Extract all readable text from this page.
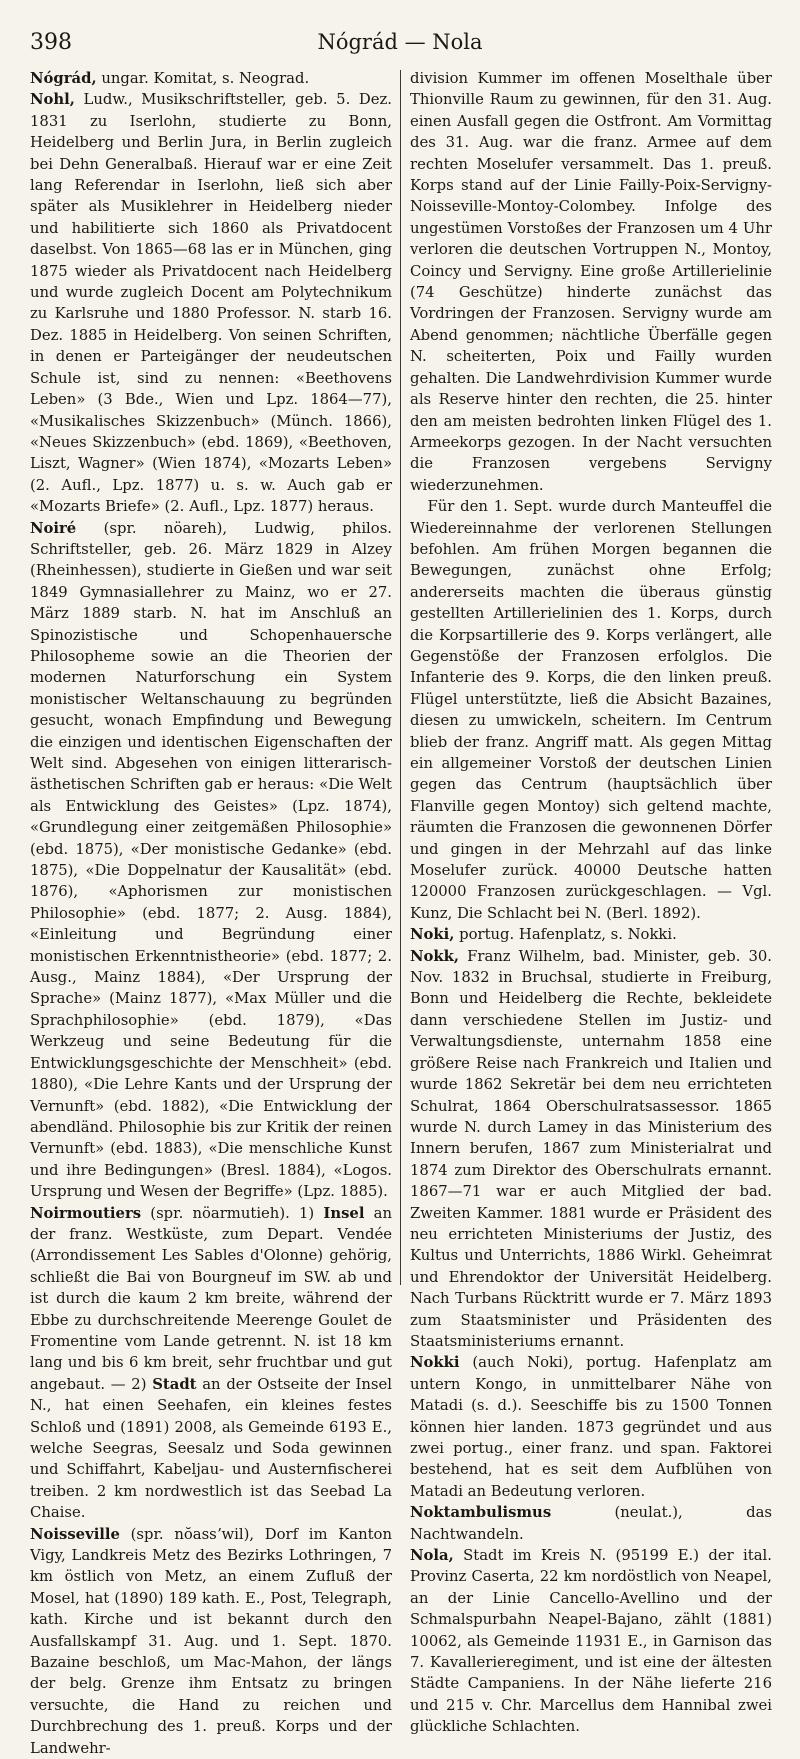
398	Nógrád — Nola

Nógrád, ungar. Komitat, s. Neograd.

Nohl, Ludw., Musikschriftsteller, geb. 5. Dez. 1831 zu Iserlohn, studierte zu Bonn, Heidelberg und Berlin Jura, in Berlin zugleich bei Dehn Generalbaß. Hierauf war er eine Zeit lang Referendar in Iserlohn, ließ sich aber später als Musiklehrer in Heidelberg nieder und habilitierte sich 1860 als Privatdocent daselbst. Von 1865—68 las er in München, ging 1875 wieder als Privatdocent nach Heidelberg und wurde zugleich Docent am Polytechnikum zu Karlsruhe und 1880 Professor. N. starb 16. Dez. 1885 in Heidelberg. Von seinen Schriften, in denen er Parteigänger der neudeutschen Schule ist, sind zu nennen: «Beethovens Leben» (3 Bde., Wien und Lpz. 1864—77), «Musikalisches Skizzenbuch» (Münch. 1866), «Neues Skizzenbuch» (ebd. 1869), «Beethoven, Liszt, Wagner» (Wien 1874), «Mozarts Leben» (2. Aufl., Lpz. 1877) u. s. w. Auch gab er «Mozarts Briefe» (2. Aufl., Lpz. 1877) heraus.

Noiré (spr. nöareh), Ludwig, philos. Schriftsteller, geb. 26. März 1829 in Alzey (Rheinhessen), studierte in Gießen und war seit 1849 Gymnasiallehrer zu Mainz, wo er 27. März 1889 starb. N. hat im Anschluß an Spinozistische und Schopenhauersche Philosopheme sowie an die Theorien der modernen Naturforschung ein System monistischer Weltanschauung zu begründen gesucht, wonach Empfindung und Bewegung die einzigen und identischen Eigenschaften der Welt sind. Abgesehen von einigen litterarisch-ästhetischen Schriften gab er heraus: «Die Welt als Entwicklung des Geistes» (Lpz. 1874), «Grundlegung einer zeitgemäßen Philosophie» (ebd. 1875), «Der monistische Gedanke» (ebd. 1875), «Die Doppelnatur der Kausalität» (ebd. 1876), «Aphorismen zur monistischen Philosophie» (ebd. 1877; 2. Ausg. 1884), «Einleitung und Begründung einer monistischen Erkenntnistheorie» (ebd. 1877; 2. Ausg., Mainz 1884), «Der Ursprung der Sprache» (Mainz 1877), «Max Müller und die Sprachphilosophie» (ebd. 1879), «Das Werkzeug und seine Bedeutung für die Entwicklungsgeschichte der Menschheit» (ebd. 1880), «Die Lehre Kants und der Ursprung der Vernunft» (ebd. 1882), «Die Entwicklung der abendländ. Philosophie bis zur Kritik der reinen Vernunft» (ebd. 1883), «Die menschliche Kunst und ihre Bedingungen» (Bresl. 1884), «Logos. Ursprung und Wesen der Begriffe» (Lpz. 1885).

Noirmoutiers (spr. nöarmutieh). 1) Insel an der franz. Westküste, zum Depart. Vendée (Arrondissement Les Sables d'Olonne) gehörig, schließt die Bai von Bourgneuf im SW. ab und ist durch die kaum 2 km breite, während der Ebbe zu durchschreitende Meerenge Goulet de Fromentine vom Lande getrennt. N. ist 18 km lang und bis 6 km breit, sehr fruchtbar und gut angebaut. — 2) Stadt an der Ostseite der Insel N., hat einen Seehafen, ein kleines festes Schloß und (1891) 2008, als Gemeinde 6193 E., welche Seegras, Seesalz und Soda gewinnen und Schiffahrt, Kabeljau- und Austernfischerei treiben. 2 km nordwestlich ist das Seebad La Chaise.

Noisseville (spr. nŏassʼwil), Dorf im Kanton Vigy, Landkreis Metz des Bezirks Lothringen, 7 km östlich von Metz, an einem Zufluß der Mosel, hat (1890) 189 kath. E., Post, Telegraph, kath. Kirche und ist bekannt durch den Ausfallskampf 31. Aug. und 1. Sept. 1870. Bazaine beschloß, um Mac-Mahon, der längs der belg. Grenze ihm Entsatz zu bringen versuchte, die Hand zu reichen und Durchbrechung des 1. preuß. Korps und der Landwehr-

division Kummer im offenen Moselthale über Thionville Raum zu gewinnen, für den 31. Aug. einen Ausfall gegen die Ostfront. Am Vormittag des 31. Aug. war die franz. Armee auf dem rechten Moselufer versammelt. Das 1. preuß. Korps stand auf der Linie Failly-Poix-Servigny-Noisseville-Montoy-Colombey. Infolge des ungestümen Vorstoßes der Franzosen um 4 Uhr verloren die deutschen Vortruppen N., Montoy, Coincy und Servigny. Eine große Artillerielinie (74 Geschütze) hinderte zunächst das Vordringen der Franzosen. Servigny wurde am Abend genommen; nächtliche Überfälle gegen N. scheiterten, Poix und Failly wurden gehalten. Die Landwehrdivision Kummer wurde als Reserve hinter den rechten, die 25. hinter den am meisten bedrohten linken Flügel des 1. Armeekorps gezogen. In der Nacht versuchten die Franzosen vergebens Servigny wiederzunehmen.

Für den 1. Sept. wurde durch Manteuffel die Wiedereinnahme der verlorenen Stellungen befohlen. Am frühen Morgen begannen die Bewegungen, zunächst ohne Erfolg; andererseits machten die überaus günstig gestellten Artillerielinien des 1. Korps, durch die Korpsartillerie des 9. Korps verlängert, alle Gegenstöße der Franzosen erfolglos. Die Infanterie des 9. Korps, die den linken preuß. Flügel unterstützte, ließ die Absicht Bazaines, diesen zu umwickeln, scheitern. Im Centrum blieb der franz. Angriff matt. Als gegen Mittag ein allgemeiner Vorstoß der deutschen Linien gegen das Centrum (hauptsächlich über Flanville gegen Montoy) sich geltend machte, räumten die Franzosen die gewonnenen Dörfer und gingen in der Mehrzahl auf das linke Moselufer zurück. 40000 Deutsche hatten 120000 Franzosen zurückgeschlagen. — Vgl. Kunz, Die Schlacht bei N. (Berl. 1892).

Noki, portug. Hafenplatz, s. Nokki.

Nokk, Franz Wilhelm, bad. Minister, geb. 30. Nov. 1832 in Bruchsal, studierte in Freiburg, Bonn und Heidelberg die Rechte, bekleidete dann verschiedene Stellen im Justiz- und Verwaltungsdienste, unternahm 1858 eine größere Reise nach Frankreich und Italien und wurde 1862 Sekretär bei dem neu errichteten Schulrat, 1864 Oberschulratsassessor. 1865 wurde N. durch Lamey in das Ministerium des Innern berufen, 1867 zum Ministerialrat und 1874 zum Direktor des Oberschulrats ernannt. 1867—71 war er auch Mitglied der bad. Zweiten Kammer. 1881 wurde er Präsident des neu errichteten Ministeriums der Justiz, des Kultus und Unterrichts, 1886 Wirkl. Geheimrat und Ehrendoktor der Universität Heidelberg. Nach Turbans Rücktritt wurde er 7. März 1893 zum Staatsminister und Präsidenten des Staatsministeriums ernannt.

Nokki (auch Noki), portug. Hafenplatz am untern Kongo, in unmittelbarer Nähe von Matadi (s. d.). Seeschiffe bis zu 1500 Tonnen können hier landen. 1873 gegründet und aus zwei portug., einer franz. und span. Faktorei bestehend, hat es seit dem Aufblühen von Matadi an Bedeutung verloren.

Noktambulismus (neulat.), das Nachtwandeln.

Nola, Stadt im Kreis N. (95199 E.) der ital. Provinz Caserta, 22 km nordöstlich von Neapel, an der Linie Cancello-Avellino und der Schmalspurbahn Neapel-Bajano, zählt (1881) 10062, als Gemeinde 11931 E., in Garnison das 7. Kavallerieregiment, und ist eine der ältesten Städte Campaniens. In der Nähe lieferte 216 und 215 v. Chr. Marcellus dem Hannibal zwei glückliche Schlachten.
